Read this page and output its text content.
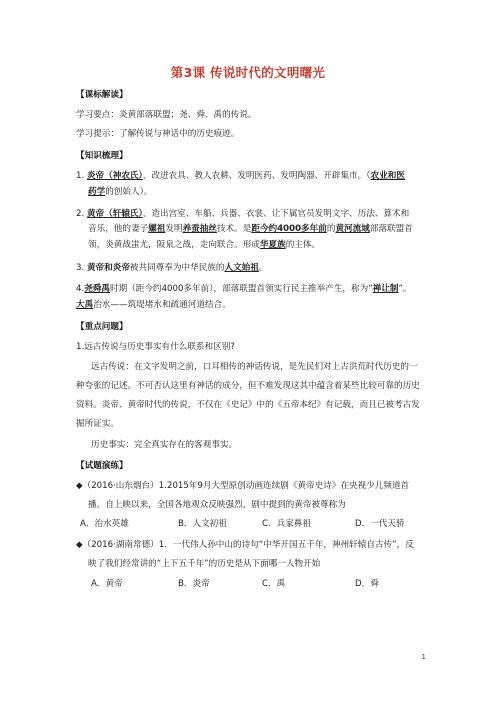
第3课 传说时代的文明曙光
【课标解读】
学习要点：炎黄部落联盟；尧、舜、禹的传说。
学习提示：了解传说与神话中的历史痕迹。
【知识梳理】
1. 炎帝（神农氏），改进农具、教人农耕、发明医药、发明陶器、开辟集市。（农业和医
药学的创始人）。
2. 黄帝（轩辕氏），造出宫室、车船、兵器、衣裳、让下属官员发明文字、历法、算术和
音乐，他的妻子嫘祖发明养蚕抽丝技术。是距今约4000多年前的黄河流域部落联盟首
领，炎黄战蚩尤，阪泉之战，走向联合。形成华夏族的主体。
3. 黄帝和炎帝被共同尊奉为中华民族的人文始祖。
4.尧舜禹时期（距今约4000多年前），部落联盟首领实行民主推举产生，称为“禅让制”。
大禹治水——筑堤堵水和疏通河道结合。
【重点问题】
1.远古传说与历史事实有什么联系和区别?
远古传说：在文字发明之前，口耳相传的神话传说，是先民们对上古洪荒时代历史的一
种夸张的记述。不可否认这里有神话的成分，但不难发现这其中蕴含着某些比较可靠的历史
资料。炎帝、黄帝时代的传说，不仅在《史记》中的《五帝本纪》有记载，而且已被考古发
掘所证实。
历史事实：完全真实存在的客观事实。
【试题演练】
◆（2016·山东烟台）1.2015年9月大型原创动画连续剧《黄帝史诗》在央视少儿频道首
播。自上映以来，全国各地观众反映强烈，剧中提到的黄帝被尊称为
A．治水英雄	B．人文初祖	C．兵家鼻祖	D．一代天骄
◆（2016·湖南常德）1．一代伟人孙中山的诗句“中华开国五千年，神州轩辕自古传”，反
映了我们经常讲的“上下五千年”的历史是从下面哪一人物开始
A．黄帝	B．炎帝	C．禹	D．舜
1
